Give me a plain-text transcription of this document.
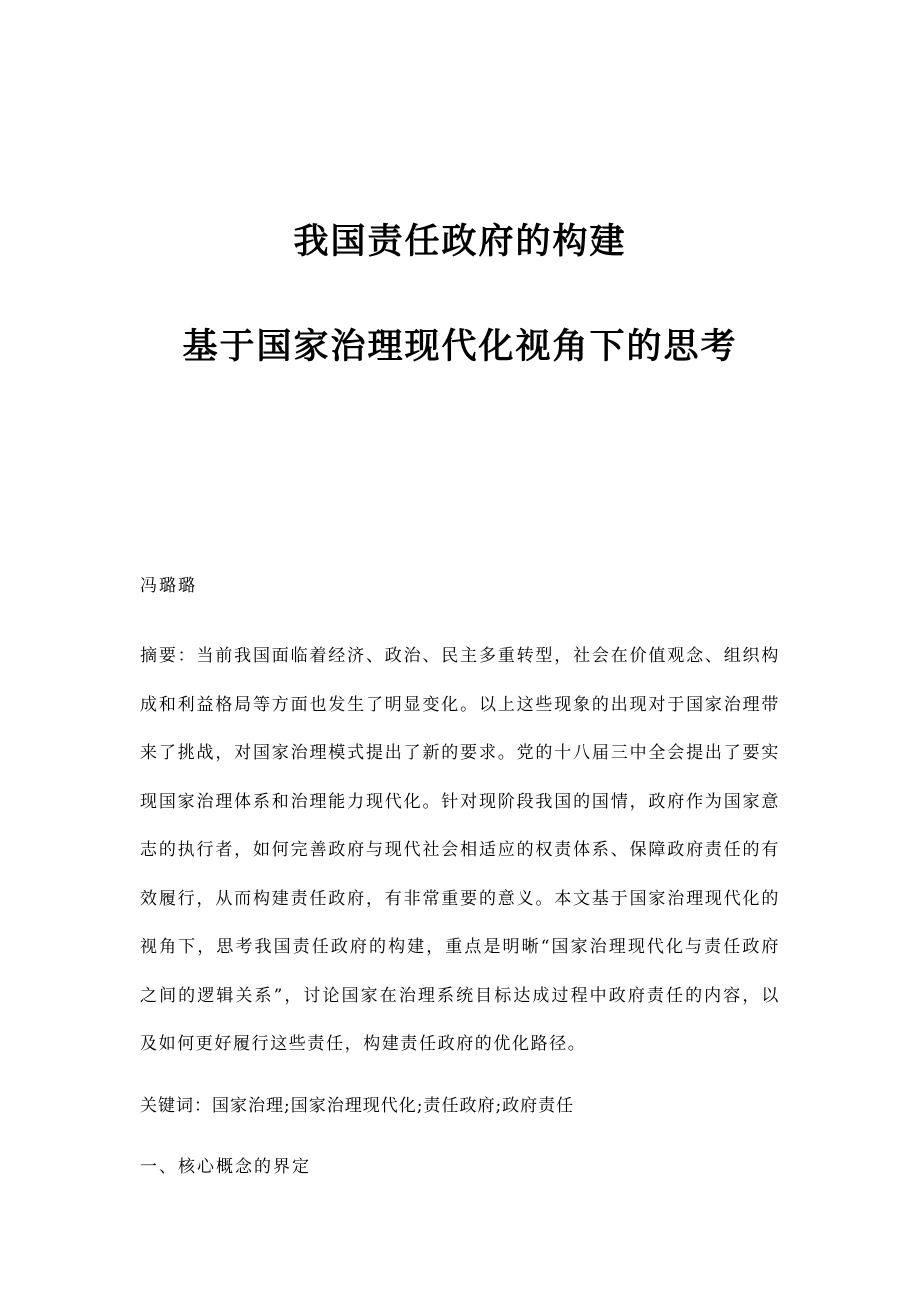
我国责任政府的构建
基于国家治理现代化视角下的思考

冯璐璐

摘要：当前我国面临着经济、政治、民主多重转型，社会在价值观念、组织构成和利益格局等方面也发生了明显变化。以上这些现象的出现对于国家治理带来了挑战，对国家治理模式提出了新的要求。党的十八届三中全会提出了要实现国家治理体系和治理能力现代化。针对现阶段我国的国情，政府作为国家意志的执行者，如何完善政府与现代社会相适应的权责体系、保障政府责任的有效履行，从而构建责任政府，有非常重要的意义。本文基于国家治理现代化的视角下，思考我国责任政府的构建，重点是明晰“国家治理现代化与责任政府之间的逻辑关系”，讨论国家在治理系统目标达成过程中政府责任的内容，以及如何更好履行这些责任，构建责任政府的优化路径。

关键词：国家治理;国家治理现代化;责任政府;政府责任

一、核心概念的界定
